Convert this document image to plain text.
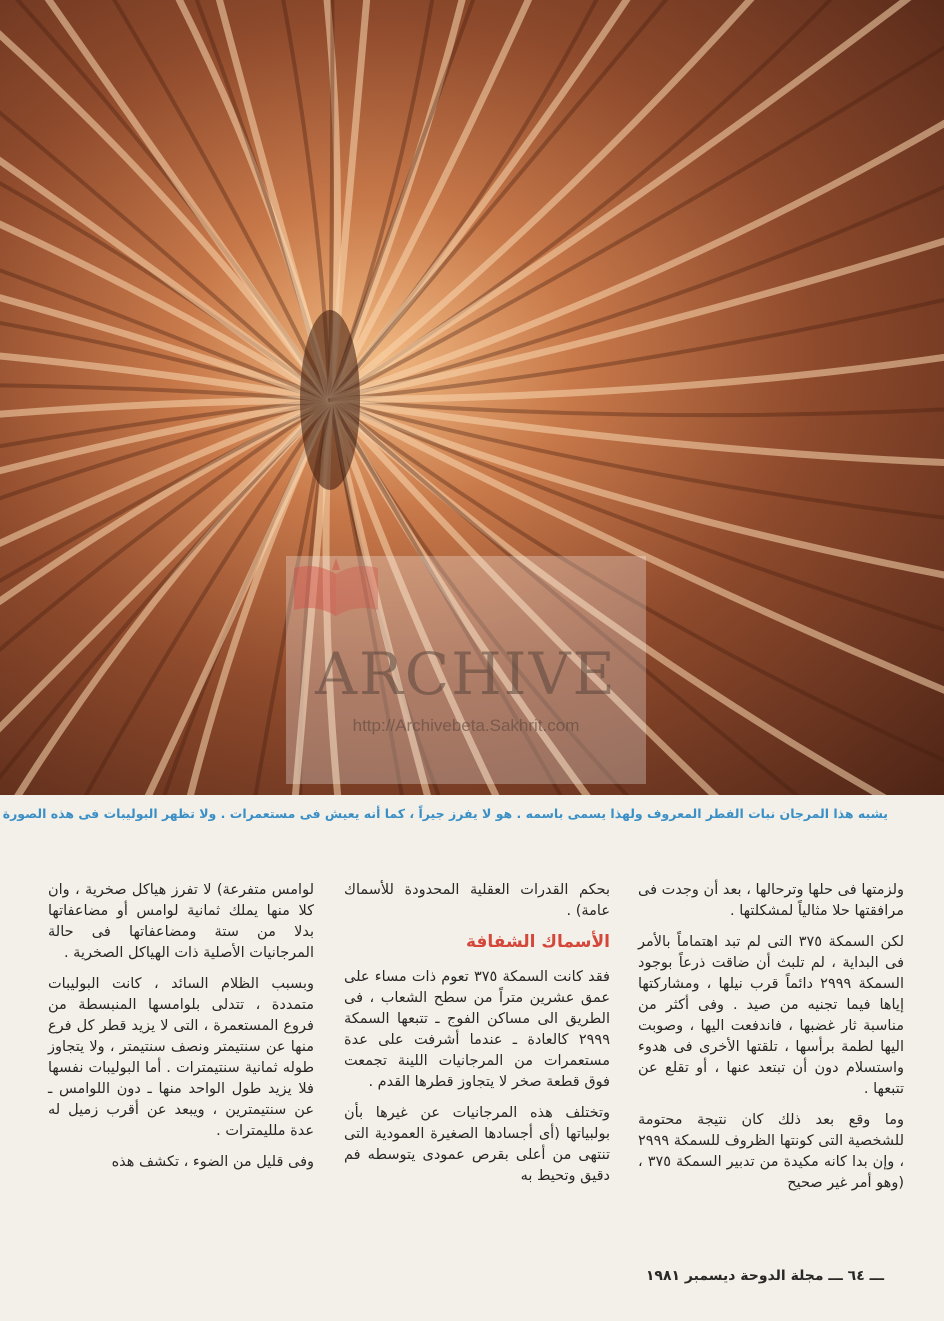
ARCHIVE
http://Archivebeta.Sakhrit.com
يشبه هذا المرجان نبات الفطر المعروف ولهذا يسمى باسمه . هو لا يفرز جيراً ، كما أنه يعيش فى مستعمرات . ولا تظهر البوليبات فى هذه الصورة

ولزمتها فى حلها وترحالها ، بعد أن وجدت فى مرافقتها حلا مثالياً لمشكلتها .

لكن السمكة ٣٧٥ التى لم تبد اهتماماً بالأمر فى البداية ، لم تلبث أن ضاقت ذرعاً بوجود السمكة ٢٩٩٩ دائماً قرب نيلها ، ومشاركتها إياها فيما تجنيه من صيد . وفى أكثر من مناسبة ثار غضبها ، فاندفعت اليها ، وصوبت اليها لطمة برأسها ، تلقتها الأخرى فى هدوء واستسلام دون أن تبتعد عنها ، أو تقلع عن تتبعها .

وما وقع بعد ذلك كان نتيجة محتومة للشخصية التى كونتها الظروف للسمكة ٢٩٩٩ ، وإن بدا كانه مكيدة من تدبير السمكة ٣٧٥ ، (وهو أمر غير صحيح

بحكم القدرات العقلية المحدودة للأسماك عامة) .

الأسماك الشفافة

فقد كانت السمكة ٣٧٥ تعوم ذات مساء على عمق عشرين متراً من سطح الشعاب ، فى الطريق الى مساكن الفوج ـ تتبعها السمكة ٢٩٩٩ كالعادة ـ عندما أشرفت على عدة مستعمرات من المرجانيات اللينة تجمعت فوق قطعة صخر لا يتجاوز قطرها القدم .

وتختلف هذه المرجانيات عن غيرها بأن بولبياتها (أى أجسادها الصغيرة العمودية التى تنتهى من أعلى بقرص عمودى يتوسطه فم دقيق وتحيط به

لوامس متفرعة) لا تفرز هياكل صخرية ، وان كلا منها يملك ثمانية لوامس أو مضاعفاتها بدلا من ستة ومضاعفاتها فى حالة المرجانيات الأصلية ذات الهياكل الصخرية .

وبسبب الظلام السائد ، كانت البوليبات متمددة ، تتدلى بلوامسها المنبسطة من فروع المستعمرة ، التى لا يزيد قطر كل فرع منها عن سنتيمتر ونصف سنتيمتر ، ولا يتجاوز طوله ثمانية سنتيمترات . أما البوليبات نفسها فلا يزيد طول الواحد منها ـ دون اللوامس ـ عن سنتيمترين ، ويبعد عن أقرب زميل له عدة ملليمترات .

وفى قليل من الضوء ، تكشف هذه

ـــ ٦٤ ـــ مجلة الدوحة ديسمبر ١٩٨١
